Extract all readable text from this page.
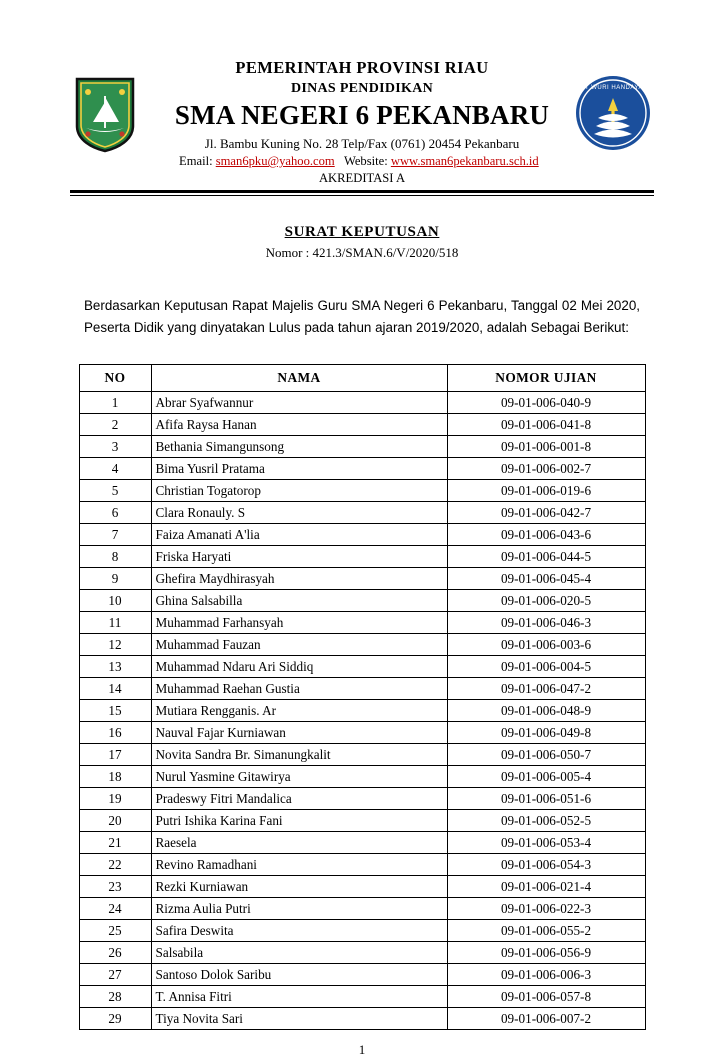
TUT WURI HANDAYANI
PEMERINTAH PROVINSI RIAU
DINAS PENDIDIKAN
SMA NEGERI 6 PEKANBARU
Jl. Bambu Kuning No. 28 Telp/Fax (0761) 20454 Pekanbaru
Email: sman6pku@yahoo.com Website: www.sman6pekanbaru.sch.id   AKREDITASI A
SURAT KEPUTUSAN
Nomor : 421.3/SMAN.6/V/2020/518
Berdasarkan Keputusan Rapat Majelis Guru SMA Negeri 6 Pekanbaru, Tanggal 02 Mei 2020, Peserta Didik yang dinyatakan Lulus pada tahun ajaran 2019/2020, adalah Sebagai Berikut:
NO	NAMA	NOMOR UJIAN
1	Abrar Syafwannur	09-01-006-040-9
2	Afifa Raysa Hanan	09-01-006-041-8
3	Bethania Simangunsong	09-01-006-001-8
4	Bima Yusril Pratama	09-01-006-002-7
5	Christian Togatorop	09-01-006-019-6
6	Clara Ronauly. S	09-01-006-042-7
7	Faiza Amanati A'lia	09-01-006-043-6
8	Friska Haryati	09-01-006-044-5
9	Ghefira Maydhirasyah	09-01-006-045-4
10	Ghina Salsabilla	09-01-006-020-5
11	Muhammad Farhansyah	09-01-006-046-3
12	Muhammad Fauzan	09-01-006-003-6
13	Muhammad Ndaru Ari Siddiq	09-01-006-004-5
14	Muhammad Raehan Gustia	09-01-006-047-2
15	Mutiara Rengganis. Ar	09-01-006-048-9
16	Nauval Fajar Kurniawan	09-01-006-049-8
17	Novita Sandra Br. Simanungkalit	09-01-006-050-7
18	Nurul Yasmine Gitawirya	09-01-006-005-4
19	Pradeswy Fitri Mandalica	09-01-006-051-6
20	Putri Ishika Karina Fani	09-01-006-052-5
21	Raesela	09-01-006-053-4
22	Revino Ramadhani	09-01-006-054-3
23	Rezki Kurniawan	09-01-006-021-4
24	Rizma Aulia Putri	09-01-006-022-3
25	Safira Deswita	09-01-006-055-2
26	Salsabila	09-01-006-056-9
27	Santoso Dolok Saribu	09-01-006-006-3
28	T. Annisa Fitri	09-01-006-057-8
29	Tiya Novita Sari	09-01-006-007-2
1
